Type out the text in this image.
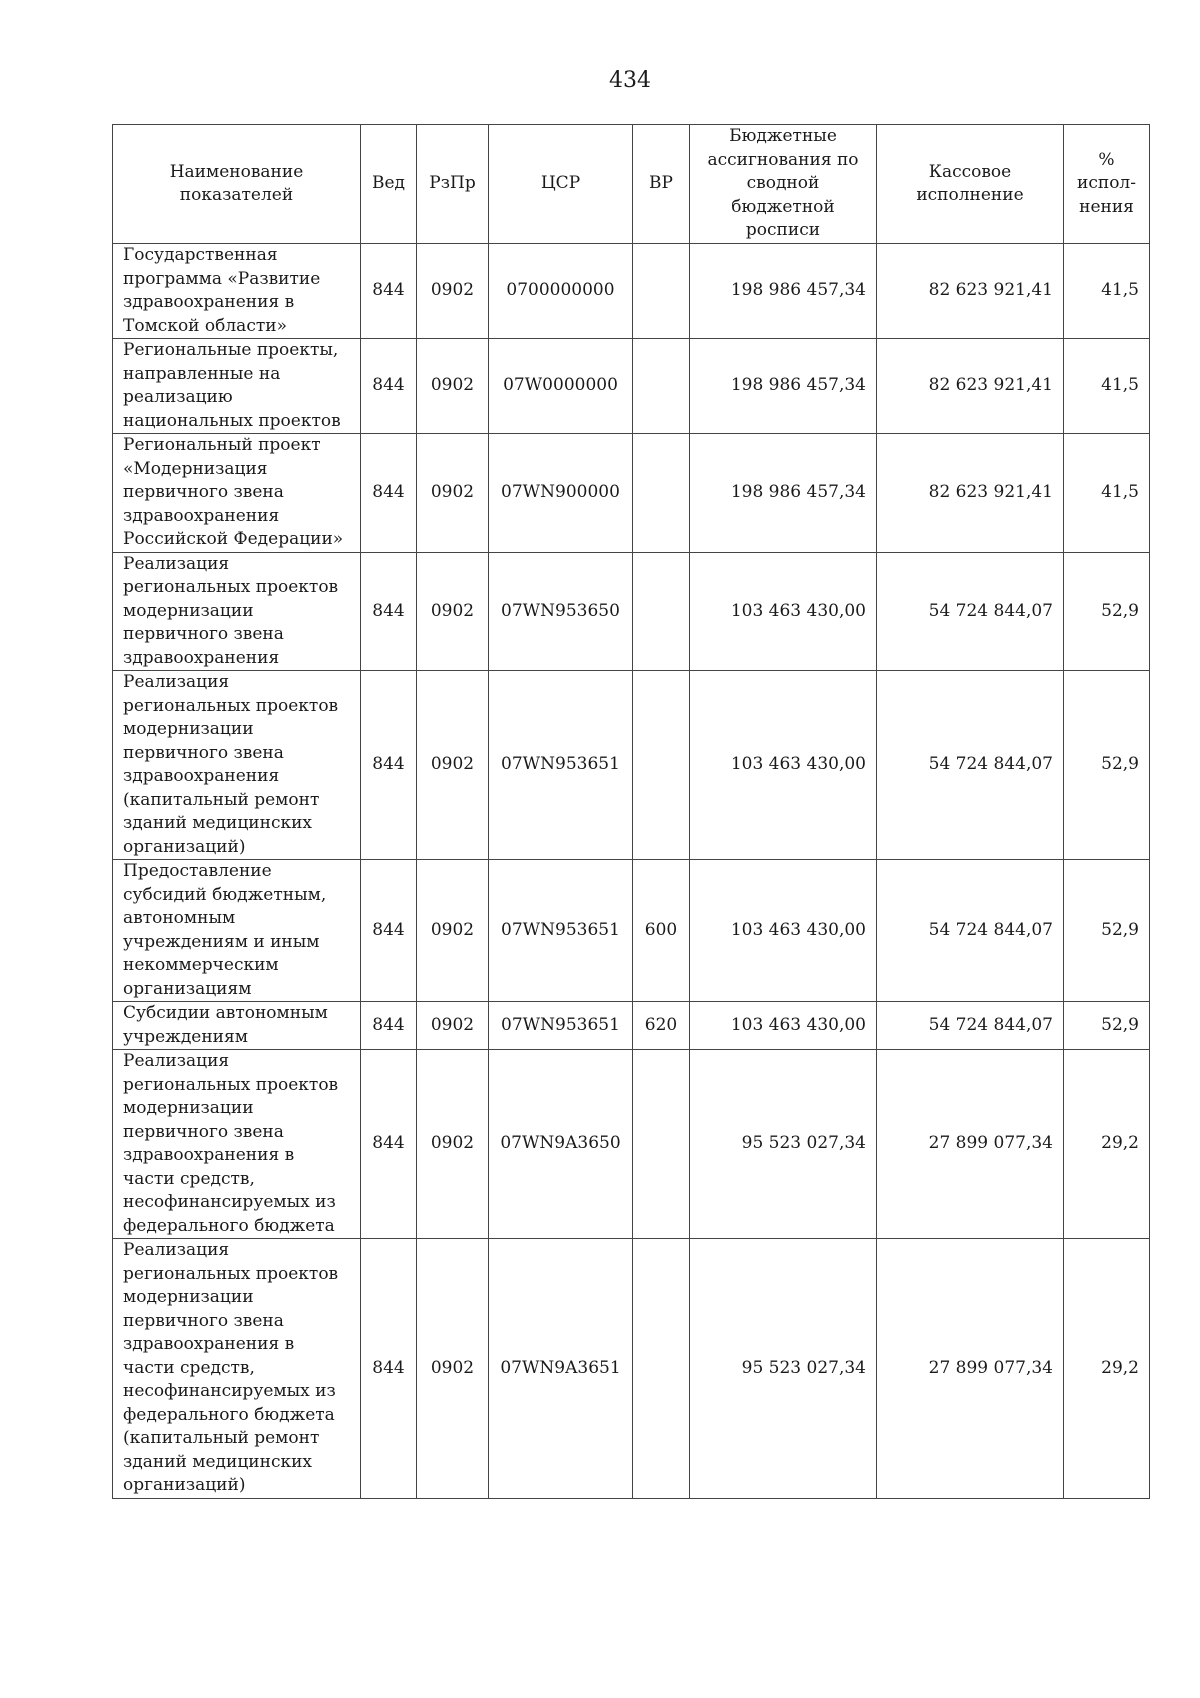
434
Наименование показателей	Вед	РзПр	ЦСР	ВР	Бюджетные ассигнования по сводной бюджетной росписи	Кассовое исполнение	% испол-нения
Государственная программа «Развитие здравоохранения в Томской области»	844	0902	0700000000		198 986 457,34	82 623 921,41	41,5
Региональные проекты, направленные на реализацию национальных проектов	844	0902	07W0000000		198 986 457,34	82 623 921,41	41,5
Региональный проект «Модернизация первичного звена здравоохранения Российской Федерации»	844	0902	07WN900000		198 986 457,34	82 623 921,41	41,5
Реализация региональных проектов модернизации первичного звена здравоохранения	844	0902	07WN953650		103 463 430,00	54 724 844,07	52,9
Реализация региональных проектов модернизации первичного звена здравоохранения (капитальный ремонт зданий медицинских организаций)	844	0902	07WN953651		103 463 430,00	54 724 844,07	52,9
Предоставление субсидий бюджетным, автономным учреждениям и иным некоммерческим организациям	844	0902	07WN953651	600	103 463 430,00	54 724 844,07	52,9
Субсидии автономным учреждениям	844	0902	07WN953651	620	103 463 430,00	54 724 844,07	52,9
Реализация региональных проектов модернизации первичного звена здравоохранения в части средств, несофинансируемых из федерального бюджета	844	0902	07WN9A3650		95 523 027,34	27 899 077,34	29,2
Реализация региональных проектов модернизации первичного звена здравоохранения в части средств, несофинансируемых из федерального бюджета (капитальный ремонт зданий медицинских организаций)	844	0902	07WN9A3651		95 523 027,34	27 899 077,34	29,2
